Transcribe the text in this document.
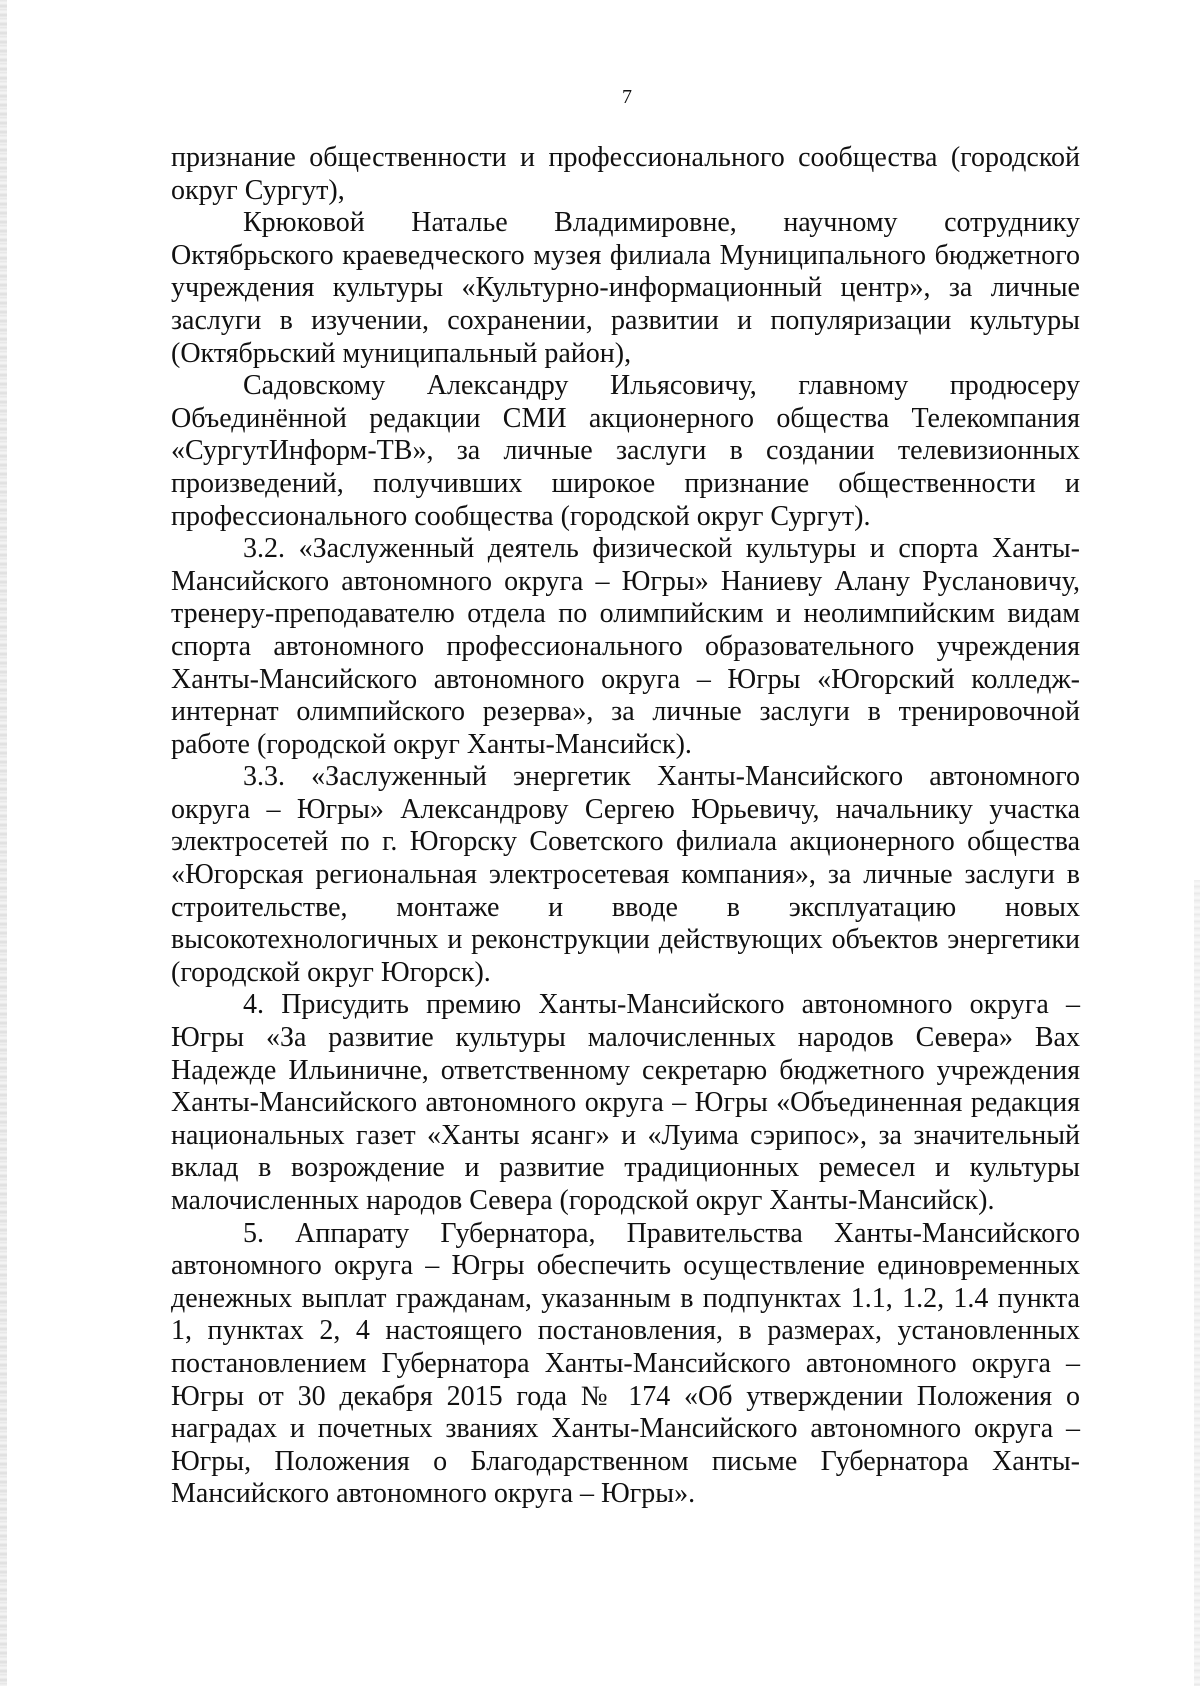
7

признание общественности и профессионального сообщества (городской округ Сургут),

Крюковой Наталье Владимировне, научному сотруднику Октябрьского краеведческого музея филиала Муниципального бюджетного учреждения культуры «Культурно-информационный центр», за личные заслуги в изучении, сохранении, развитии и популяризации культуры (Октябрьский муниципальный район),

Садовскому Александру Ильясовичу, главному продюсеру Объединённой редакции СМИ акционерного общества Телекомпания «СургутИнформ-ТВ», за личные заслуги в создании телевизионных произведений, получивших широкое признание общественности и профессионального сообщества (городской округ Сургут).

3.2. «Заслуженный деятель физической культуры и спорта Ханты-Мансийского автономного округа – Югры» Наниеву Алану Руслановичу, тренеру-преподавателю отдела по олимпийским и неолимпийским видам спорта автономного профессионального образовательного учреждения Ханты-Мансийского автономного округа – Югры «Югорский колледж-интернат олимпийского резерва», за личные заслуги в тренировочной работе (городской округ Ханты-Мансийск).

3.3. «Заслуженный энергетик Ханты-Мансийского автономного округа – Югры» Александрову Сергею Юрьевичу, начальнику участка электросетей по г. Югорску Советского филиала акционерного общества «Югорская региональная электросетевая компания», за личные заслуги в строительстве, монтаже и вводе в эксплуатацию новых высокотехнологичных и реконструкции действующих объектов энергетики (городской округ Югорск).

4. Присудить премию Ханты-Мансийского автономного округа – Югры «За развитие культуры малочисленных народов Севера» Вах Надежде Ильиничне, ответственному секретарю бюджетного учреждения Ханты-Мансийского автономного округа – Югры «Объединенная редакция национальных газет «Ханты ясанг» и «Луима сэрипос», за значительный вклад в возрождение и развитие традиционных ремесел и культуры малочисленных народов Севера (городской округ Ханты-Мансийск).

5. Аппарату Губернатора, Правительства Ханты-Мансийского автономного округа – Югры обеспечить осуществление единовременных денежных выплат гражданам, указанным в подпунктах 1.1, 1.2, 1.4 пункта 1, пунктах 2, 4 настоящего постановления, в размерах, установленных постановлением Губернатора Ханты-Мансийского автономного округа – Югры от 30 декабря 2015 года № 174 «Об утверждении Положения о наградах и почетных званиях Ханты-Мансийского автономного округа – Югры, Положения о Благодарственном письме Губернатора Ханты-Мансийского автономного округа – Югры».
